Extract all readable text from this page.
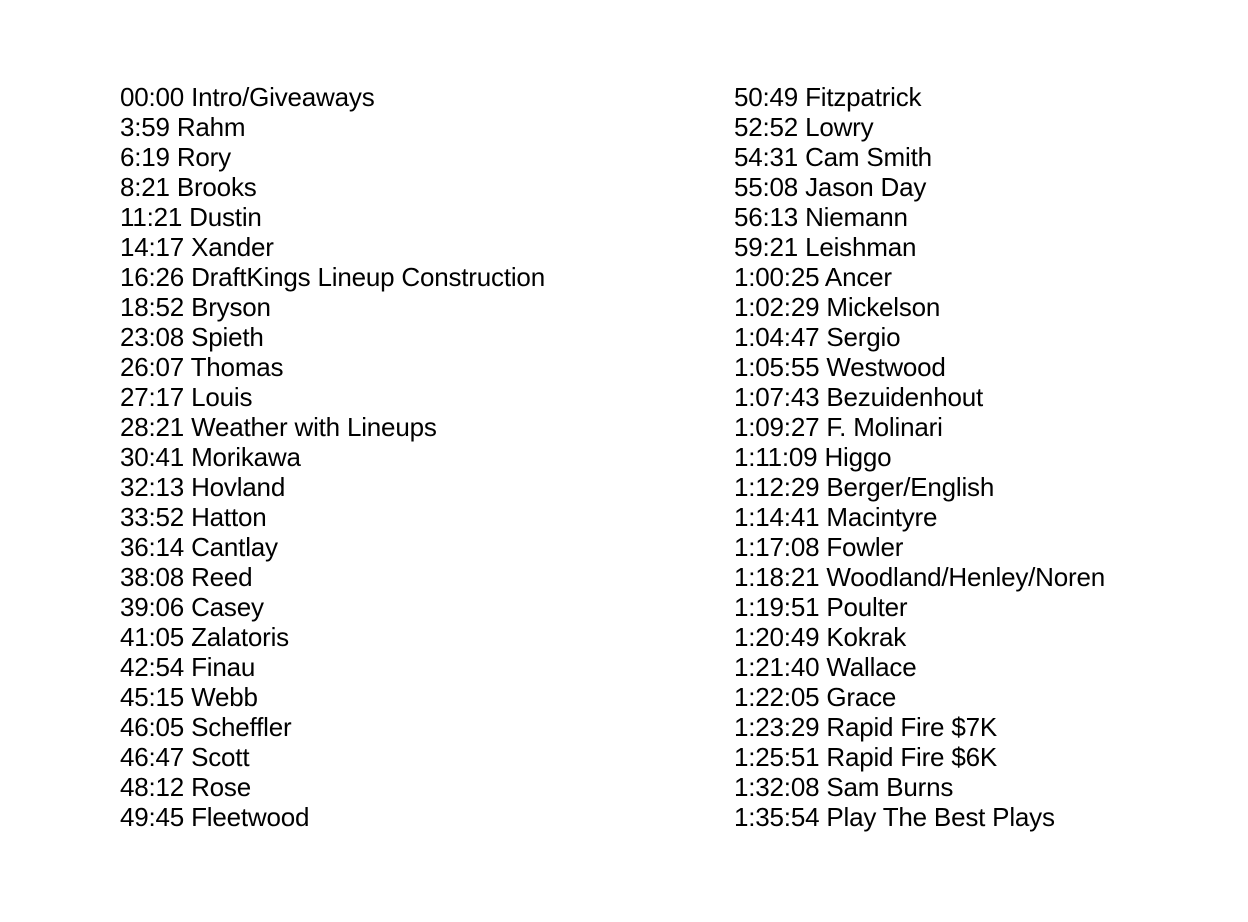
00:00 Intro/Giveaways
3:59 Rahm
6:19 Rory
8:21 Brooks
11:21 Dustin
14:17 Xander
16:26 DraftKings Lineup Construction
18:52 Bryson
23:08 Spieth
26:07 Thomas
27:17 Louis
28:21 Weather with Lineups
30:41 Morikawa
32:13 Hovland
33:52 Hatton
36:14 Cantlay
38:08 Reed
39:06 Casey
41:05 Zalatoris
42:54 Finau
45:15 Webb
46:05 Scheffler
46:47 Scott
48:12 Rose
49:45 Fleetwood
50:49 Fitzpatrick
52:52 Lowry
54:31 Cam Smith
55:08 Jason Day
56:13 Niemann
59:21 Leishman
1:00:25 Ancer
1:02:29 Mickelson
1:04:47 Sergio
1:05:55 Westwood
1:07:43 Bezuidenhout
1:09:27 F. Molinari
1:11:09 Higgo
1:12:29 Berger/English
1:14:41 Macintyre
1:17:08 Fowler
1:18:21 Woodland/Henley/Noren
1:19:51 Poulter
1:20:49 Kokrak
1:21:40 Wallace
1:22:05 Grace
1:23:29 Rapid Fire $7K
1:25:51 Rapid Fire $6K
1:32:08 Sam Burns
1:35:54 Play The Best Plays
